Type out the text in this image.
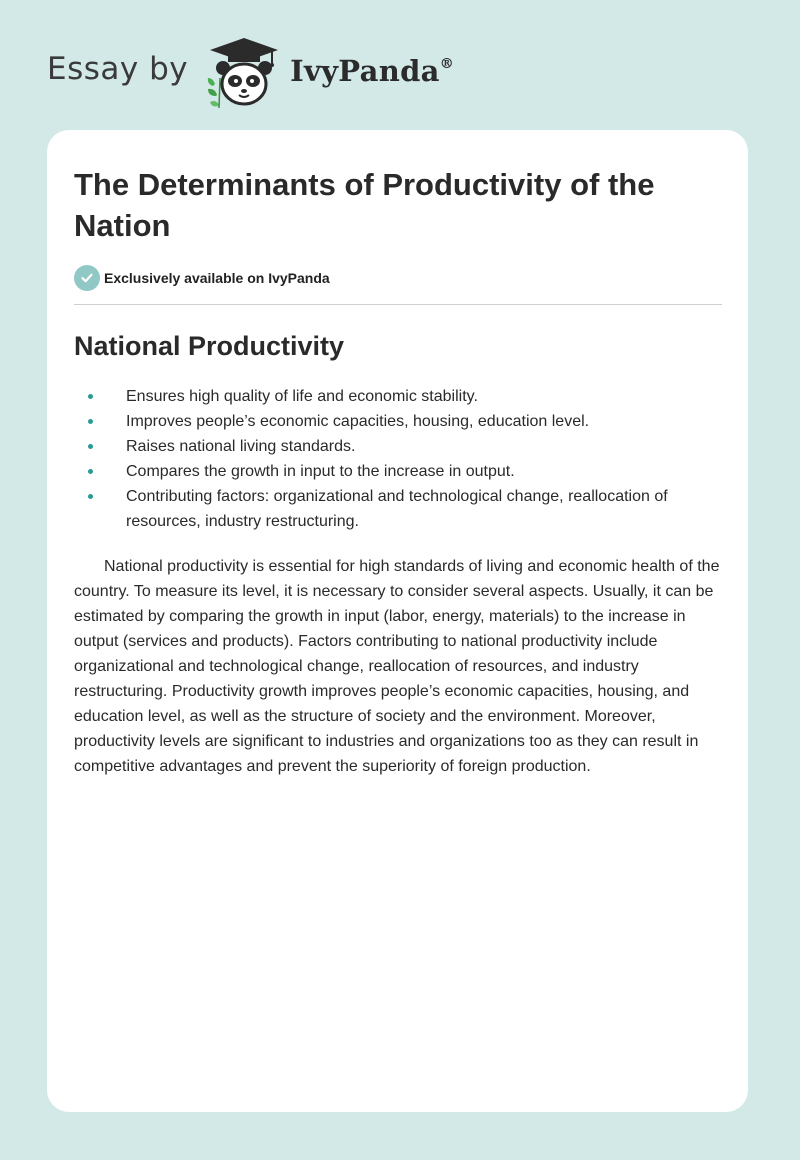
Essay by	IvyPanda®
The Determinants of Productivity of the Nation
Exclusively available on IvyPanda
National Productivity
Ensures high quality of life and economic stability.
Improves people’s economic capacities, housing, education level.
Raises national living standards.
Compares the growth in input to the increase in output.
Contributing factors: organizational and technological change, reallocation of resources, industry restructuring.

National productivity is essential for high standards of living and economic health of the country. To measure its level, it is necessary to consider several aspects. Usually, it can be estimated by comparing the growth in input (labor, energy, materials) to the increase in output (services and products). Factors contributing to national productivity include organizational and technological change, reallocation of resources, and industry restructuring. Productivity growth improves people’s economic capacities, housing, and education level, as well as the structure of society and the environment. Moreover, productivity levels are significant to industries and organizations too as they can result in competitive advantages and prevent the superiority of foreign production.
